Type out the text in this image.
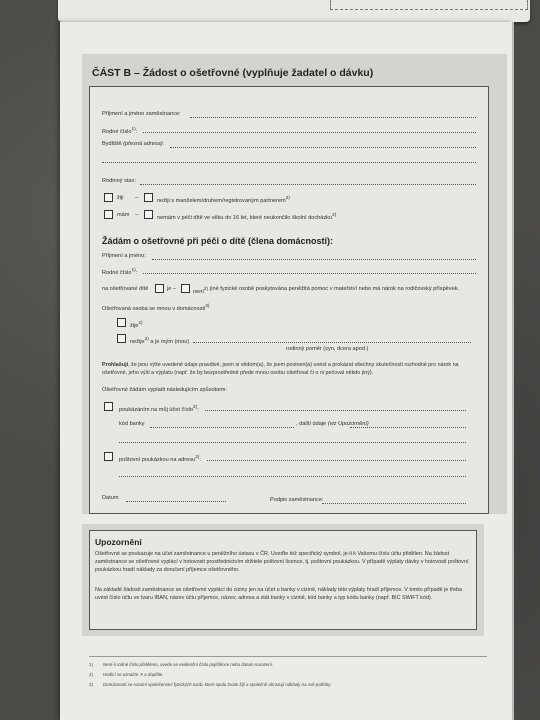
ČÁST B – Žádost o ošetřovné (vyplňuje žadatel o dávku)
Příjmení a jméno zaměstnance:
Rodné číslo$^{1)}$:
Bydliště (přesná adresa):
Rodinný stav:
žiji –	nežiji s manželem/druhem/registrovaným partnerem$^{2)}$
mám –	nemám v péči dítě ve věku do 16 let, které neukončilo školní docházku$^{2)}$
Žádám o ošetřovné při péči o dítě (člena domácnosti):
Příjmení a jméno:
Rodné číslo$^{1)}$:
na ošetřované dítě	je –	není$^{2)}$ jiné fyzické osobě poskytována peněžitá pomoc v mateřství nebo má nárok na rodičovský příspěvek.
Ošetřovaná osoba se mnou v domácnosti$^{3)}$
žije$^{2)}$
nežije$^{2)}$ a je mým (mou)
rodinný poměr (syn, dcera apod.)
Prohlašuji, že jsou výše uvedené údaje pravdivé, jsem si vědom(a), že jsem povinen(a) uvést a prokázat všechny skutečnosti rozhodné pro nárok na ošetřovné, jeho výši a výplatu (např. že by bezprostředně přede mnou osobu ošetřoval či o ni pečoval někdo jiný).
Ošetřovné žádám vyplatit následujícím způsobem:
poukázáním na můj účet číslo$^{2)}$:
kód banky	, další údaje (viz Upozornění)
poštovní poukázkou na adresu$^{2)}$:
Datum	Podpis zaměstnance:
Upozornění
Ošetřovné se poukazuje na účet zaměstnance u peněžního ústavu v ČR. Uveďte též specifický symbol, je-li k Vašemu číslu účtu přidělen. Na žádost zaměstnance se ošetřovné vyplácí v hotovosti prostřednictvím držitele poštovní licence, tj. poštovní poukázkou. V případě výplaty dávky v hotovosti poštovní poukázkou hradí náklady za doručení příjemce ošetřovného.
Na základě žádosti zaměstnance se ošetřovné vyplácí do ciziny jen na účet u banky v cizině, náklady této výplaty hradí příjemce. V tomto případě je třeba uvést číslo účtu ve tvaru IBAN, název účtu příjemce, název, adresa a stát banky v cizině, kód banky a typ kódu banky (např. BIC SWIFT kód).
1) Není-li rodné číslo přiděleno, uvede se evidenční číslo pojištěnce nebo datum narození.
2) Hodící se označte ✕ a doplňte.
3) Domácností se rozumí společenství fyzických osob, které spolu trvale žijí a společně uhrazují náklady na své potřeby.
